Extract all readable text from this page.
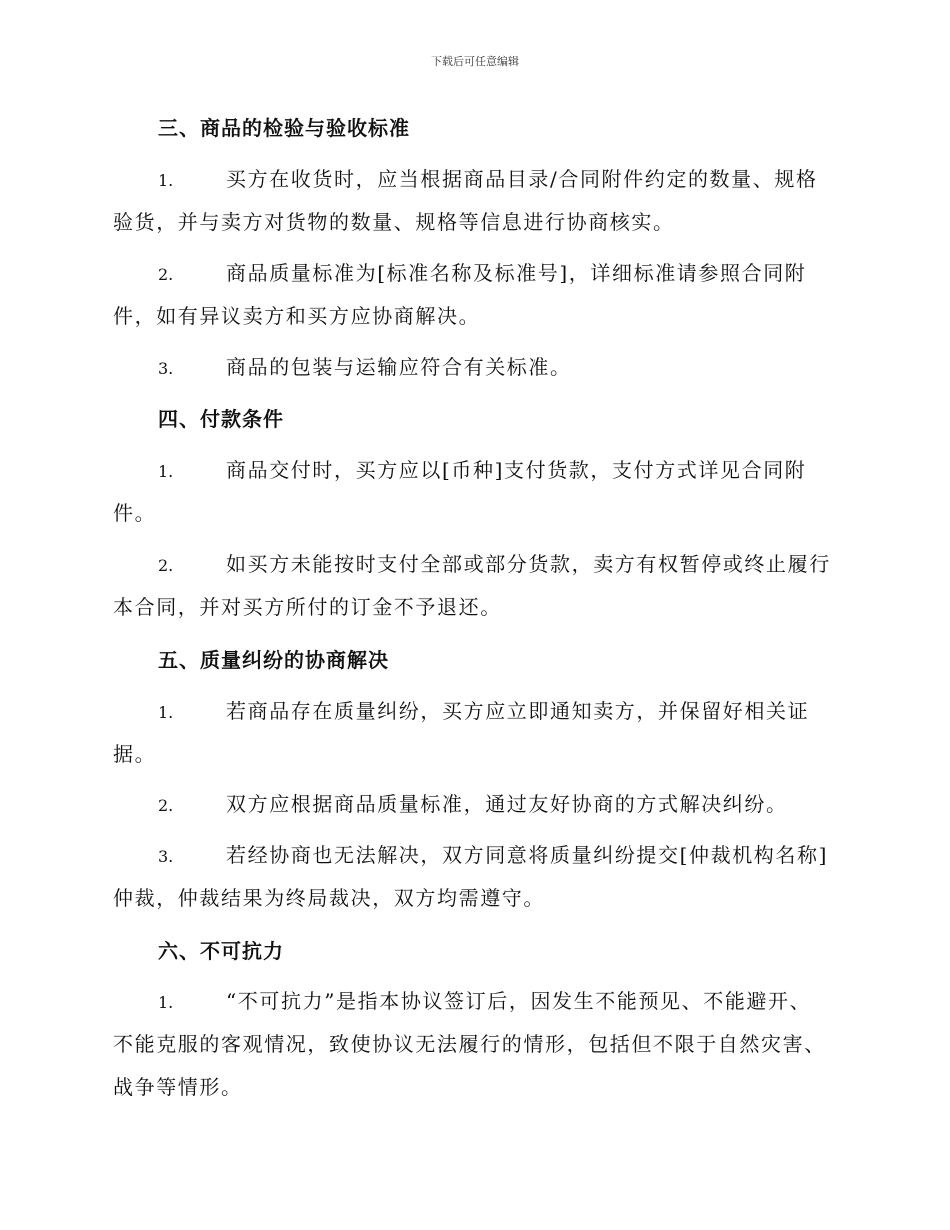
下载后可任意编辑
三、商品的检验与验收标准
1.	买方在收货时，应当根据商品目录/合同附件约定的数量、规格
验货，并与卖方对货物的数量、规格等信息进行协商核实。
2.	商品质量标准为[标准名称及标准号]，详细标准请参照合同附
件，如有异议卖方和买方应协商解决。
3.	商品的包装与运输应符合有关标准。
四、付款条件
1.	商品交付时，买方应以[币种]支付货款，支付方式详见合同附
件。
2.	如买方未能按时支付全部或部分货款，卖方有权暂停或终止履行
本合同，并对买方所付的订金不予退还。
五、质量纠纷的协商解决
1.	若商品存在质量纠纷，买方应立即通知卖方，并保留好相关证
据。
2.	双方应根据商品质量标准，通过友好协商的方式解决纠纷。
3.	若经协商也无法解决，双方同意将质量纠纷提交[仲裁机构名称]
仲裁，仲裁结果为终局裁决，双方均需遵守。
六、不可抗力
1.	“不可抗力”是指本协议签订后，因发生不能预见、不能避开、
不能克服的客观情况，致使协议无法履行的情形，包括但不限于自然灾害、
战争等情形。
